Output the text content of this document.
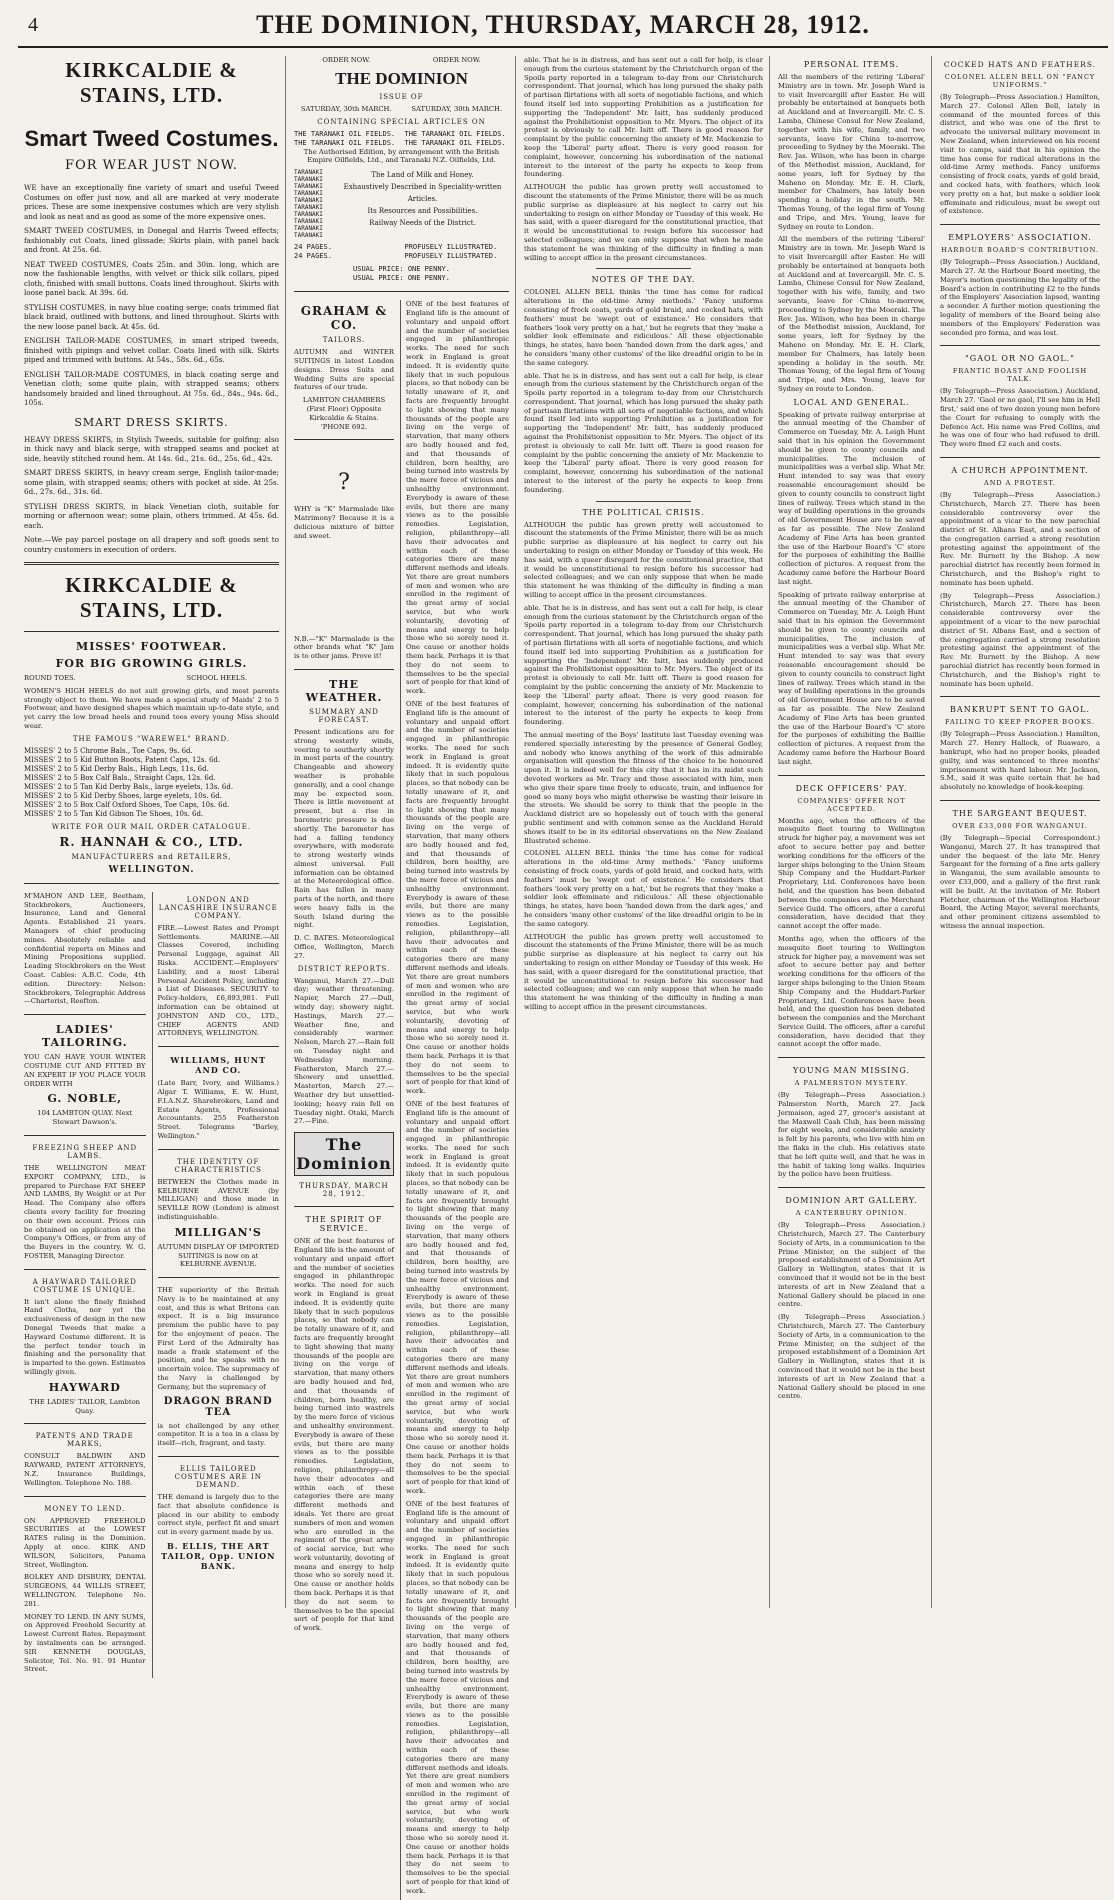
4	THE DOMINION, THURSDAY, MARCH 28, 1912.
KIRKCALDIE & STAINS, LTD.
Smart Tweed Costumes.
FOR WEAR JUST NOW.

WE have an exceptionally fine variety of smart and useful Tweed Costumes on offer just now, and all are marked at very moderate prices. These are some inexpensive costumes which are very stylish and look as neat and as good as some of the more expensive ones.

SMART TWEED COSTUMES, in Donegal and Harris Tweed effects; fashionably cut Coats, lined glissade; Skirts plain, with panel back and front. At 25s. 6d.

NEAT TWEED COSTUMES, Coats 25in. and 30in. long, which are now the fashionable lengths, with velvet or thick silk collars, piped cloth, finished with small buttons. Coats lined throughout. Skirts with loose panel back. At 39s. 6d.

STYLISH COSTUMES, in navy blue coating serge; coats trimmed flat black braid, outlined with buttons, and lined throughout. Skirts with the new loose panel back. At 45s. 6d.

ENGLISH TAILOR-MADE COSTUMES, in smart striped tweeds, finished with pipings and velvet collar. Coats lined with silk. Skirts piped and trimmed with buttons. At 54s., 58s. 6d., 65s.

ENGLISH TAILOR-MADE COSTUMES, in black coating serge and Venetian cloth; some quite plain, with strapped seams; others handsomely braided and lined throughout. At 75s. 6d., 84s., 94s. 6d., 105s.

SMART DRESS SKIRTS.

HEAVY DRESS SKIRTS, in Stylish Tweeds, suitable for golfing; also in thick navy and black serge, with strapped seams and pocket at side, heavily stitched round hem. At 14s. 6d., 21s. 6d., 25s. 6d., 42s.

SMART DRESS SKIRTS, in heavy cream serge, English tailor-made; some plain, with strapped seams; others with pocket at side. At 25s. 6d., 27s. 6d., 31s. 6d.

STYLISH DRESS SKIRTS, in black Venetian cloth, suitable for morning or afternoon wear; some plain, others trimmed. At 45s. 6d. each.

Note.—We pay parcel postage on all drapery and soft goods sent to country customers in execution of orders.

KIRKCALDIE & STAINS, LTD.
MISSES' FOOTWEAR.
FOR BIG GROWING GIRLS.
ROUND TOES.	SCHOOL HEELS.

WOMEN'S HIGH HEELS do not suit growing girls, and most parents strongly object to them. We have made a special study of Maids' 2 to 5 Footwear, and have designed shapes which maintain up-to-date style, and yet carry the low broad heels and round toes every young Miss should wear.

THE FAMOUS "WAREWEL" BRAND.
MISSES' 2 to 5 Chrome Bals., Toe Caps, 9s. 6d.
MISSES' 2 to 5 Kid Button Boots, Patent Caps, 12s. 6d.
MISSES' 2 to 5 Kid Derby Bals., High Legs, 11s. 6d.
MISSES' 2 to 5 Box Calf Bals., Straight Caps, 12s. 6d.
MISSES' 2 to 5 Tan Kid Derby Bals., large eyelets, 13s. 6d.
MISSES' 2 to 5 Kid Derby Shoes, large eyelets, 10s. 6d.
MISSES' 2 to 5 Box Calf Oxford Shoes, Toe Caps, 10s. 6d.
MISSES' 2 to 5 Tan Kid Gibson Tie Shoes, 10s. 6d.
WRITE FOR OUR MAIL ORDER CATALOGUE.
R. HANNAH & CO., LTD.
MANUFACTURERS and RETAILERS,
WELLINGTON.

M'MAHON AND LEE, Beetham, Stockbrokers, Auctioneers, Insurance, Land and General Agents. Established 21 years. Managers of chief producing mines. Absolutely reliable and confidential reports on Mines and Mining Propositions supplied. Leading Stockbrokers on the West Coast. Cables: A.B.C. Code, 4th edition. Directory: Nelson: Stockbrokers, Telegraphic Address—Charterist, Reefton.

LADIES' TAILORING.

YOU CAN HAVE YOUR WINTER COSTUME CUT AND FITTED BY AN EXPERT IF YOU PLACE YOUR ORDER WITH

G. NOBLE,

104 LAMBTON QUAY. Next Stewart Dawson's.

FREEZING SHEEP AND LAMBS.

THE WELLINGTON MEAT EXPORT COMPANY, LTD., is prepared to Purchase FAT SHEEP AND LAMBS, By Weight or at Per Head. The Company also offers clients every facility for freezing on their own account. Prices can be obtained on application at the Company's Offices, or from any of the Buyers in the country. W. G. FOSTER, Managing Director.

A HAYWARD TAILORED COSTUME IS UNIQUE.

It isn't alone the finely finished Hand Cloths, nor yet the exclusiveness of design in the new Donegal Tweeds that make a Hayward Costume different. It is the perfect tender touch in finishing and the personality that is imparted to the gown. Estimates willingly given.

HAYWARD

THE LADIES' TAILOR, Lambton Quay.

PATENTS AND TRADE MARKS,

CONSULT BALDWIN AND RAYWARD, PATENT ATTORNEYS, N.Z. Insurance Buildings, Wellington. Telephone No. 188.

MONEY TO LEND.

ON APPROVED FREEHOLD SECURITIES at the LOWEST RATES ruling in the Dominion. Apply at once. KIRK AND WILSON, Solicitors, Panama Street, Wellington.

BOLKEY AND DISBURY, DENTAL SURGEONS, 44 WILLIS STREET, WELLINGTON. Telephone No. 281.

MONEY TO LEND. IN ANY SUMS, on Approved Freehold Security at Lowest Current Rates. Repayment by instalments can be arranged. SIR KENNETH DOUGLAS, Solicitor, Tel. No. 91. 91 Hunter Street.

LONDON AND LANCASHIRE INSURANCE COMPANY.

FIRE.—Lowest Rates and Prompt Settlements. MARINE.—All Classes Covered, including Personal Luggage, against All Risks. ACCIDENT.—Employers' Liability, and a most Liberal Personal Accident Policy, including a List of Diseases. SECURITY to Policy-holders, £6,893,981. Full information can be obtained at JOHNSTON AND CO., LTD., CHIEF AGENTS AND ATTORNEYS, WELLINGTON.

WILLIAMS, HUNT AND CO.

(Late Barr, Ivory, and Williams.) Algar T. Williams, E. W. Hunt, F.I.A.N.Z. Sharebrokers, Land and Estate Agents, Professional Accountants. 255 Featherston Street. Telegrams "Barley, Wellington."

THE IDENTITY OF CHARACTERISTICS

BETWEEN the Clothes made in KELBURNE AVENUE (by MILLIGAN) and those made in SEVILLE ROW (London) is almost indistinguishable.

MILLIGAN'S

AUTUMN DISPLAY OF IMPORTED SUITINGS is now on at KELBURNE AVENUE.

THE superiority of the British Navy is to be maintained at any cost, and this is what Britons can expect. It is a big insurance premium the public have to pay for the enjoyment of peace. The First Lord of the Admiralty has made a frank statement of the position, and he speaks with no uncertain voice. The supremacy of the Navy is challenged by Germany, but the supremacy of

DRAGON BRAND TEA

is not challenged by any other competitor. It is a tea in a class by itself—rich, fragrant, and tasty.

ELLIS TAILORED COSTUMES ARE IN DEMAND.

THE demand is largely due to the fact that absolute confidence is placed in our ability to embody correct style, perfect fit and smart cut in every garment made by us.

B. ELLIS, THE ART TAILOR, Opp. UNION BANK.
ORDER NOW.	ORDER NOW.
THE DOMINION
ISSUE OF
SATURDAY, 30th MARCH.	SATURDAY, 30th MARCH.
CONTAINING SPECIAL ARTICLES ON
THE TARANAKI OIL FIELDS.	THE TARANAKI OIL FIELDS.
THE TARANAKI OIL FIELDS.	THE TARANAKI OIL FIELDS.

The Authorised Edition, by arrangement with the British Empire Oilfields, Ltd., and Taranaki N.Z. Oilfields, Ltd.

TARANAKI
TARANAKI
TARANAKI
TARANAKI
TARANAKI
TARANAKI
TARANAKI
TARANAKI
TARANAKI
TARANAKI
The Land of Milk and Honey.
Exhaustively Described in Speciality-written Articles.
Its Resources and Possibilities.
Railway Needs of the District.
24 PAGES.	PROFUSELY ILLUSTRATED.
24 PAGES.	PROFUSELY ILLUSTRATED.
USUAL PRICE: ONE PENNY.
USUAL PRICE: ONE PENNY.
GRAHAM & CO.
TAILORS.

AUTUMN and WINTER SUITINGS in latest London designs. Dress Suits and Wedding Suits are special features of our trade.

LAMBTON CHAMBERS (First Floor) Opposite Kirkcaldie & Stains. 'PHONE 692.

?

WHY is "K" Marmalade like Matrimony? Because it is a delicious mixture of bitter and sweet.

N.B.—"K" Marmalade is the other brands what "K" Jam is to other jams. Prove it!

THE WEATHER.
SUMMARY AND FORECAST.

Present indications are for strong westerly winds, veering to southerly shortly in most parts of the country. Changeable and showery weather is probable generally, and a cool change may be expected soon. There is little movement at present, but a rise in barometric pressure is due shortly. The barometer has had a falling tendency everywhere, with moderate to strong westerly winds almost universal. Full information can be obtained at the Meteorological office. Rain has fallen in many parts of the north, and there were heavy falls in the South Island during the night.

D. C. BATES. Meteorological Office, Wellington, March 27.

DISTRICT REPORTS.

Wanganui, March 27.—Dull day; weather threatening. Napier, March 27.—Dull, windy day; showery night. Hastings, March 27.—Weather fine, and considerably warmer. Nelson, March 27.—Rain fell on Tuesday night and Wednesday morning. Featherston, March 27.—Showery and unsettled. Masterton, March 27.—Weather dry but unsettled-looking; heavy rain fell on Tuesday night. Otaki, March 27.—Fine.

The Dominion
THURSDAY, MARCH 28, 1912.
THE SPIRIT OF SERVICE.

ONE of the best features of England life is the amount of voluntary and unpaid effort and the number of societies engaged in philanthropic works. The need for such work in England is great indeed. It is evidently quite likely that in such populous places, so that nobody can be totally unaware of it, and facts are frequently brought to light showing that many thousands of the people are living on the verge of starvation, that many others are badly housed and fed, and that thousands of children, born healthy, are being turned into wastrels by the mere force of vicious and unhealthy environment. Everybody is aware of these evils, but there are many views as to the possible remedies. Legislation, religion, philanthropy—all have their advocates and within each of these categories there are many different methods and ideals. Yet there are great numbers of men and women who are enrolled in the regiment of the great army of social service, but who work voluntarily, devoting of means and energy to help those who so sorely need it. One cause or another holds them back. Perhaps it is that they do not seem to themselves to be the special sort of people for that kind of work.

ONE of the best features of England life is the amount of voluntary and unpaid effort and the number of societies engaged in philanthropic works. The need for such work in England is great indeed. It is evidently quite likely that in such populous places, so that nobody can be totally unaware of it, and facts are frequently brought to light showing that many thousands of the people are living on the verge of starvation, that many others are badly housed and fed, and that thousands of children, born healthy, are being turned into wastrels by the mere force of vicious and unhealthy environment. Everybody is aware of these evils, but there are many views as to the possible remedies. Legislation, religion, philanthropy—all have their advocates and within each of these categories there are many different methods and ideals. Yet there are great numbers of men and women who are enrolled in the regiment of the great army of social service, but who work voluntarily, devoting of means and energy to help those who so sorely need it. One cause or another holds them back. Perhaps it is that they do not seem to themselves to be the special sort of people for that kind of work.

ONE of the best features of England life is the amount of voluntary and unpaid effort and the number of societies engaged in philanthropic works. The need for such work in England is great indeed. It is evidently quite likely that in such populous places, so that nobody can be totally unaware of it, and facts are frequently brought to light showing that many thousands of the people are living on the verge of starvation, that many others are badly housed and fed, and that thousands of children, born healthy, are being turned into wastrels by the mere force of vicious and unhealthy environment. Everybody is aware of these evils, but there are many views as to the possible remedies. Legislation, religion, philanthropy—all have their advocates and within each of these categories there are many different methods and ideals. Yet there are great numbers of men and women who are enrolled in the regiment of the great army of social service, but who work voluntarily, devoting of means and energy to help those who so sorely need it. One cause or another holds them back. Perhaps it is that they do not seem to themselves to be the special sort of people for that kind of work.

ONE of the best features of England life is the amount of voluntary and unpaid effort and the number of societies engaged in philanthropic works. The need for such work in England is great indeed. It is evidently quite likely that in such populous places, so that nobody can be totally unaware of it, and facts are frequently brought to light showing that many thousands of the people are living on the verge of starvation, that many others are badly housed and fed, and that thousands of children, born healthy, are being turned into wastrels by the mere force of vicious and unhealthy environment. Everybody is aware of these evils, but there are many views as to the possible remedies. Legislation, religion, philanthropy—all have their advocates and within each of these categories there are many different methods and ideals. Yet there are great numbers of men and women who are enrolled in the regiment of the great army of social service, but who work voluntarily, devoting of means and energy to help those who so sorely need it. One cause or another holds them back. Perhaps it is that they do not seem to themselves to be the special sort of people for that kind of work.

ONE of the best features of England life is the amount of voluntary and unpaid effort and the number of societies engaged in philanthropic works. The need for such work in England is great indeed. It is evidently quite likely that in such populous places, so that nobody can be totally unaware of it, and facts are frequently brought to light showing that many thousands of the people are living on the verge of starvation, that many others are badly housed and fed, and that thousands of children, born healthy, are being turned into wastrels by the mere force of vicious and unhealthy environment. Everybody is aware of these evils, but there are many views as to the possible remedies. Legislation, religion, philanthropy—all have their advocates and within each of these categories there are many different methods and ideals. Yet there are great numbers of men and women who are enrolled in the regiment of the great army of social service, but who work voluntarily, devoting of means and energy to help those who so sorely need it. One cause or another holds them back. Perhaps it is that they do not seem to themselves to be the special sort of people for that kind of work.

able. That he is in distress, and has sent out a call for help, is clear enough from the curious statement by the Christchurch organ of the Spoils party reported in a telegram to-day from our Christchurch correspondent. That journal, which has long pursued the shaky path of partisan flirtations with all sorts of negotiable factions, and which found itself led into supporting Prohibition as a justification for supporting the 'Independent' Mr. Isitt, has suddenly produced against the Prohibitionist opposition to Mr. Myers. The object of its protest is obviously to call Mr. Isitt off. There is good reason for complaint by the public concerning the anxiety of Mr. Mackenzie to keep the 'Liberal' party afloat. There is very good reason for complaint, however, concerning his subordination of the national interest to the interest of the party he expects to keep from foundering.

ALTHOUGH the public has grown pretty well accustomed to discount the statements of the Prime Minister, there will be as much public surprise as displeasure at his neglect to carry out his undertaking to resign on either Monday or Tuesday of this week. He has said, with a queer disregard for the constitutional practice, that it would be unconstitutional to resign before his successor had selected colleagues; and we can only suppose that when he made this statement he was thinking of the difficulty in finding a man willing to accept office in the present circumstances.

NOTES OF THE DAY.

COLONEL ALLEN BELL thinks 'the time has come for radical alterations in the old-time Army methods.' 'Fancy uniforms consisting of frock coats, yards of gold braid, and cocked hats, with feathers' must be 'swept out of existence.' He considers that feathers 'look very pretty on a hat,' but he regrets that they 'make a soldier look effeminate and ridiculous.' All these objectionable things, he states, have been 'handed down from the dark ages,' and he considers 'many other customs' of the like dreadful origin to be in the same category.

able. That he is in distress, and has sent out a call for help, is clear enough from the curious statement by the Christchurch organ of the Spoils party reported in a telegram to-day from our Christchurch correspondent. That journal, which has long pursued the shaky path of partisan flirtations with all sorts of negotiable factions, and which found itself led into supporting Prohibition as a justification for supporting the 'Independent' Mr. Isitt, has suddenly produced against the Prohibitionist opposition to Mr. Myers. The object of its protest is obviously to call Mr. Isitt off. There is good reason for complaint by the public concerning the anxiety of Mr. Mackenzie to keep the 'Liberal' party afloat. There is very good reason for complaint, however, concerning his subordination of the national interest to the interest of the party he expects to keep from foundering.

THE POLITICAL CRISIS.

ALTHOUGH the public has grown pretty well accustomed to discount the statements of the Prime Minister, there will be as much public surprise as displeasure at his neglect to carry out his undertaking to resign on either Monday or Tuesday of this week. He has said, with a queer disregard for the constitutional practice, that it would be unconstitutional to resign before his successor had selected colleagues; and we can only suppose that when he made this statement he was thinking of the difficulty in finding a man willing to accept office in the present circumstances.

able. That he is in distress, and has sent out a call for help, is clear enough from the curious statement by the Christchurch organ of the Spoils party reported in a telegram to-day from our Christchurch correspondent. That journal, which has long pursued the shaky path of partisan flirtations with all sorts of negotiable factions, and which found itself led into supporting Prohibition as a justification for supporting the 'Independent' Mr. Isitt, has suddenly produced against the Prohibitionist opposition to Mr. Myers. The object of its protest is obviously to call Mr. Isitt off. There is good reason for complaint by the public concerning the anxiety of Mr. Mackenzie to keep the 'Liberal' party afloat. There is very good reason for complaint, however, concerning his subordination of the national interest to the interest of the party he expects to keep from foundering.

The annual meeting of the Boys' Institute last Tuesday evening was rendered specially interesting by the presence of General Godley, and nobody who knows anything of the work of this admirable organisation will question the fitness of the choice to be honoured upon it. It is indeed well for this city that it has in its midst such devoted workers as Mr. Tracy and those associated with him, men who give their spare time freely to educate, train, and influence for good so many boys who might otherwise be wasting their leisure in the streets. We should be sorry to think that the people in the Auckland district are so hopelessly out of touch with the general public sentiment and with common sense as the Auckland Herald shows itself to be in its editorial observations on the New Zealand Illustrated scheme.

COLONEL ALLEN BELL thinks 'the time has come for radical alterations in the old-time Army methods.' 'Fancy uniforms consisting of frock coats, yards of gold braid, and cocked hats, with feathers' must be 'swept out of existence.' He considers that feathers 'look very pretty on a hat,' but he regrets that they 'make a soldier look effeminate and ridiculous.' All these objectionable things, he states, have been 'handed down from the dark ages,' and he considers 'many other customs' of the like dreadful origin to be in the same category.

ALTHOUGH the public has grown pretty well accustomed to discount the statements of the Prime Minister, there will be as much public surprise as displeasure at his neglect to carry out his undertaking to resign on either Monday or Tuesday of this week. He has said, with a queer disregard for the constitutional practice, that it would be unconstitutional to resign before his successor had selected colleagues; and we can only suppose that when he made this statement he was thinking of the difficulty in finding a man willing to accept office in the present circumstances.

PERSONAL ITEMS.

All the members of the retiring 'Liberal' Ministry are in town. Mr. Joseph Ward is to visit Invercargill after Easter. He will probably be entertained at banquets both at Auckland and at Invercargill. Mr. C. S. Lamba, Chinese Consul for New Zealand, together with his wife, family, and two servants, leave for China to-morrow, proceeding to Sydney by the Moeraki. The Rev. Jas. Wilson, who has been in charge of the Methodist mission, Auckland, for some years, left for Sydney by the Maheno on Monday. Mr. E. H. Clark, member for Chalmers, has lately been spending a holiday in the south. Mr. Thomas Young, of the legal firm of Young and Tripe, and Mrs. Young, leave for Sydney en route to London.

All the members of the retiring 'Liberal' Ministry are in town. Mr. Joseph Ward is to visit Invercargill after Easter. He will probably be entertained at banquets both at Auckland and at Invercargill. Mr. C. S. Lamba, Chinese Consul for New Zealand, together with his wife, family, and two servants, leave for China to-morrow, proceeding to Sydney by the Moeraki. The Rev. Jas. Wilson, who has been in charge of the Methodist mission, Auckland, for some years, left for Sydney by the Maheno on Monday. Mr. E. H. Clark, member for Chalmers, has lately been spending a holiday in the south. Mr. Thomas Young, of the legal firm of Young and Tripe, and Mrs. Young, leave for Sydney en route to London.

LOCAL AND GENERAL.

Speaking of private railway enterprise at the annual meeting of the Chamber of Commerce on Tuesday, Mr. A. Leigh Hunt said that in his opinion the Government should be given to county councils and municipalities. The inclusion of municipalities was a verbal slip. What Mr. Hunt intended to say was that every reasonable encouragement should be given to county councils to construct light lines of railway. Trees which stand in the way of building operations in the grounds of old Government House are to be saved as far as possible. The New Zealand Academy of Fine Arts has been granted the use of the Harbour Board's 'C' store for the purposes of exhibiting the Baillie collection of pictures. A request from the Academy came before the Harbour Board last night.

Speaking of private railway enterprise at the annual meeting of the Chamber of Commerce on Tuesday, Mr. A. Leigh Hunt said that in his opinion the Government should be given to county councils and municipalities. The inclusion of municipalities was a verbal slip. What Mr. Hunt intended to say was that every reasonable encouragement should be given to county councils to construct light lines of railway. Trees which stand in the way of building operations in the grounds of old Government House are to be saved as far as possible. The New Zealand Academy of Fine Arts has been granted the use of the Harbour Board's 'C' store for the purposes of exhibiting the Baillie collection of pictures. A request from the Academy came before the Harbour Board last night.

DECK OFFICERS' PAY.
COMPANIES' OFFER NOT ACCEPTED.

Months ago, when the officers of the mosquito fleet touring to Wellington struck for higher pay, a movement was set afoot to secure better pay and better working conditions for the officers of the larger ships belonging to the Union Steam Ship Company and the Huddart-Parker Proprietary, Ltd. Conferences have been held, and the question has been debated between the companies and the Merchant Service Guild. The officers, after a careful consideration, have decided that they cannot accept the offer made.

Months ago, when the officers of the mosquito fleet touring to Wellington struck for higher pay, a movement was set afoot to secure better pay and better working conditions for the officers of the larger ships belonging to the Union Steam Ship Company and the Huddart-Parker Proprietary, Ltd. Conferences have been held, and the question has been debated between the companies and the Merchant Service Guild. The officers, after a careful consideration, have decided that they cannot accept the offer made.

YOUNG MAN MISSING.
A PALMERSTON MYSTERY.

(By Telegraph—Press Association.) Palmerston North, March 27. Jack Jermaison, aged 27, grocer's assistant at the Maxwell Cash Club, has been missing for eight weeks, and considerable anxiety is felt by his parents, who live with him on the flaks in the club. His relatives state that he left quite well, and that he was in the habit of taking long walks. Inquiries by the police have been fruitless.

DOMINION ART GALLERY.
A CANTERBURY OPINION.

(By Telegraph—Press Association.) Christchurch, March 27. The Canterbury Society of Arts, in a communication to the Prime Minister, on the subject of the proposed establishment of a Dominion Art Gallery in Wellington, states that it is convinced that it would not be in the best interests of art in New Zealand that a National Gallery should be placed in one centre.

(By Telegraph—Press Association.) Christchurch, March 27. The Canterbury Society of Arts, in a communication to the Prime Minister, on the subject of the proposed establishment of a Dominion Art Gallery in Wellington, states that it is convinced that it would not be in the best interests of art in New Zealand that a National Gallery should be placed in one centre.

COCKED HATS AND FEATHERS.
COLONEL ALLEN BELL ON "FANCY UNIFORMS."

(By Telegraph—Press Association.) Hamilton, March 27. Colonel Allen Bell, lately in command of the mounted forces of this district, and who was one of the first to advocate the universal military movement in New Zealand, when interviewed on his recent visit to camps, said that in his opinion the time has come for radical alterations in the old-time Army methods. Fancy uniforms consisting of frock coats, yards of gold braid, and cocked hats, with feathers, which look very pretty on a hat, but make a soldier look effeminate and ridiculous, must be swept out of existence.

EMPLOYERS' ASSOCIATION.
HARBOUR BOARD'S CONTRIBUTION.

(By Telegraph—Press Association.) Auckland, March 27. At the Harbour Board meeting, the Mayor's motion questioning the legality of the Board's action in contributing £2 to the funds of the Employers' Association lapsed, wanting a seconder. A further motion questioning the legality of members of the Board being also members of the Employers' Federation was seconded pro forma, and was lost.

"GAOL OR NO GAOL."
FRANTIC BOAST AND FOOLISH TALK.

(By Telegraph—Press Association.) Auckland, March 27. 'Gaol or no gaol, I'll see him in Hell first,' said one of two dozen young men before the Court for refusing to comply with the Defence Act. His name was Fred Collins, and he was one of four who had refused to drill. They were fined £2 each and costs.

A CHURCH APPOINTMENT.
AND A PROTEST.

(By Telegraph—Press Association.) Christchurch, March 27. There has been considerable controversy over the appointment of a vicar to the new parochial district of St. Albans East, and a section of the congregation carried a strong resolution protesting against the appointment of the Rev. Mr. Burnett by the Bishop. A new parochial district has recently been formed in Christchurch, and the Bishop's right to nominate has been upheld.

(By Telegraph—Press Association.) Christchurch, March 27. There has been considerable controversy over the appointment of a vicar to the new parochial district of St. Albans East, and a section of the congregation carried a strong resolution protesting against the appointment of the Rev. Mr. Burnett by the Bishop. A new parochial district has recently been formed in Christchurch, and the Bishop's right to nominate has been upheld.

BANKRUPT SENT TO GAOL.
FAILING TO KEEP PROPER BOOKS.

(By Telegraph—Press Association.) Hamilton, March 27. Henry Hallock, of Ruawaro, a bankrupt, who had no proper books, pleaded guilty, and was sentenced to three months' imprisonment with hard labour. Mr. Jackson, S.M., said it was quite certain that he had absolutely no knowledge of book-keeping.

THE SARGEANT BEQUEST.
OVER £33,000 FOR WANGANUI.

(By Telegraph—Special Correspondent.) Wanganui, March 27. It has transpired that under the bequest of the late Mr. Henry Sargeant for the forming of a fine arts gallery in Wanganui, the sum available amounts to over £33,000, and a gallery of the first rank will be built. At the invitation of Mr. Robert Fletcher, chairman of the Wellington Harbour Board, the Acting Mayor, several merchants, and other prominent citizens assembled to witness the annual inspection.
